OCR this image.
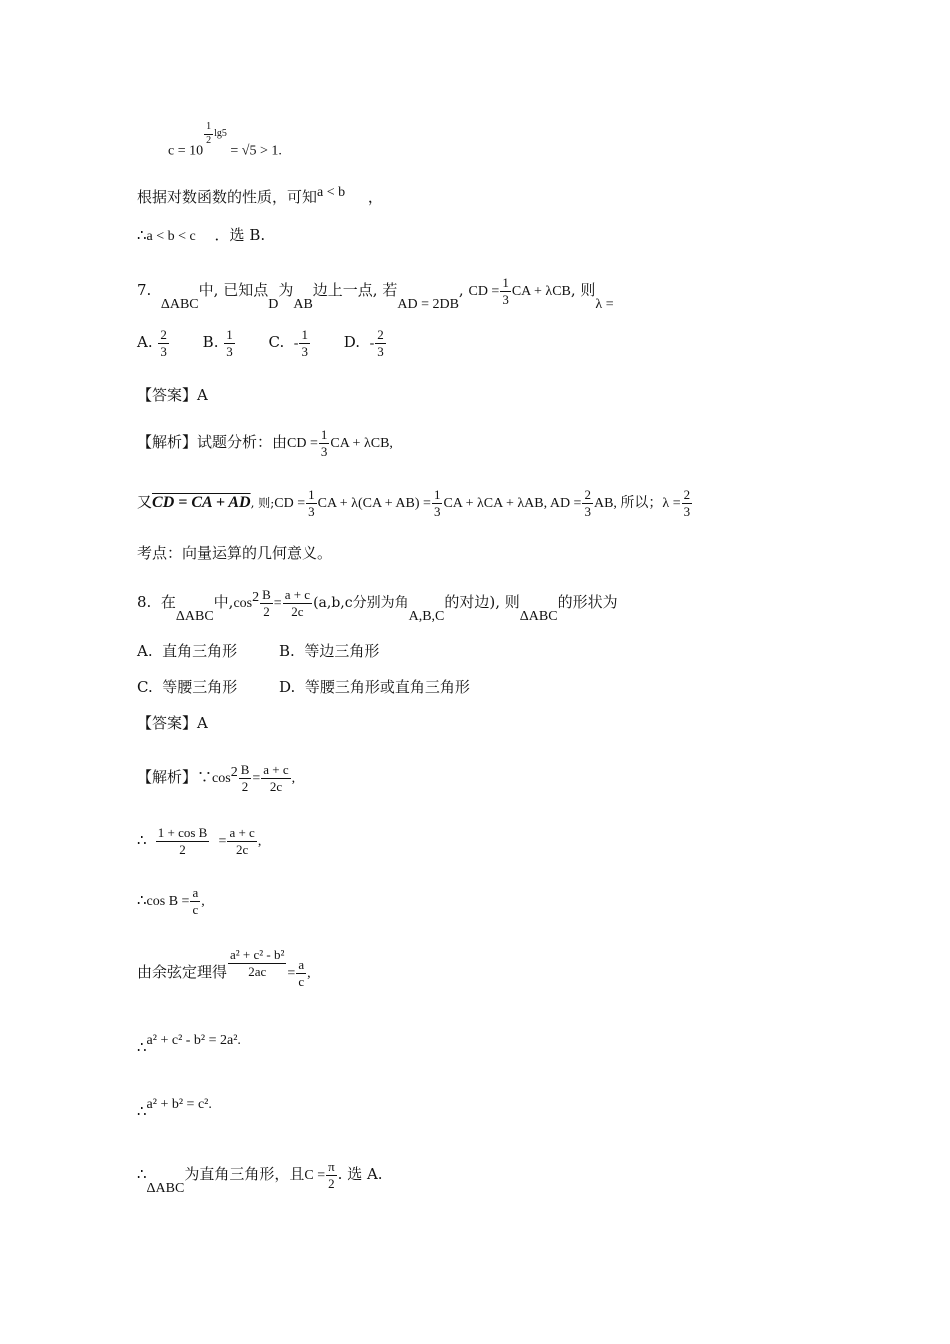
c = 10
$^{\frac{1}{2} lg5}$ = √5 > 1.
根据对数函数的性质，可知a < b ，
∴a < b < c ．选 B.
7.  ΔABC中, 已知点D为AB边上一点, 若AD = 2DB, CD = $\frac{1}{3}$ CA + λCB, 则λ =
A. $\frac{2}{3} B$. $\frac{1}{3} C$. - $\frac{1}{3} D$. - $\frac{2}{3}$
【答案】A
【解析】试题分析：由CD = $\frac{1}{3}$ CA + λCB,
又CD = CA + AD, 则;CD = $\frac{1}{3}$ CA + $\lambda(CA + AB) = \frac{1}{3}$ CA + λCA + λAB, AD = $\frac{2}{3}$ AB, 所以；$\lambda = \frac{2}{3}$
考点：向量运算的几何意义。
8. 在ΔABC中$,\cos^2 \frac{B}{2} = \frac{a + c}{2c} (a,b,c$分别为角A,B,C的对边), 则ΔABC的形状为
A. 直角三角形	B. 等边三角形
C. 等腰三角形	D. 等腰三角形或直角三角形
【答案】A
【解析】$\because\cos^2 \frac{B}{2} = \frac{a + c}{2c}$ ,
∴ $\frac{\text{1 + cos B}}{2} = \frac{a + c}{2c}$ ,
∴cos $B = \frac{a}{c}$ ,
由余弦定理得 $\frac{\text{a² + c² - b²}}{2ac} = \frac{a}{c}$ ,
∴a² + c² - b² = 2a².
∴a² + b² = c².
∴ΔABC为直角三角形，且$C = \frac{\pi}{2}$ . 选 A.
